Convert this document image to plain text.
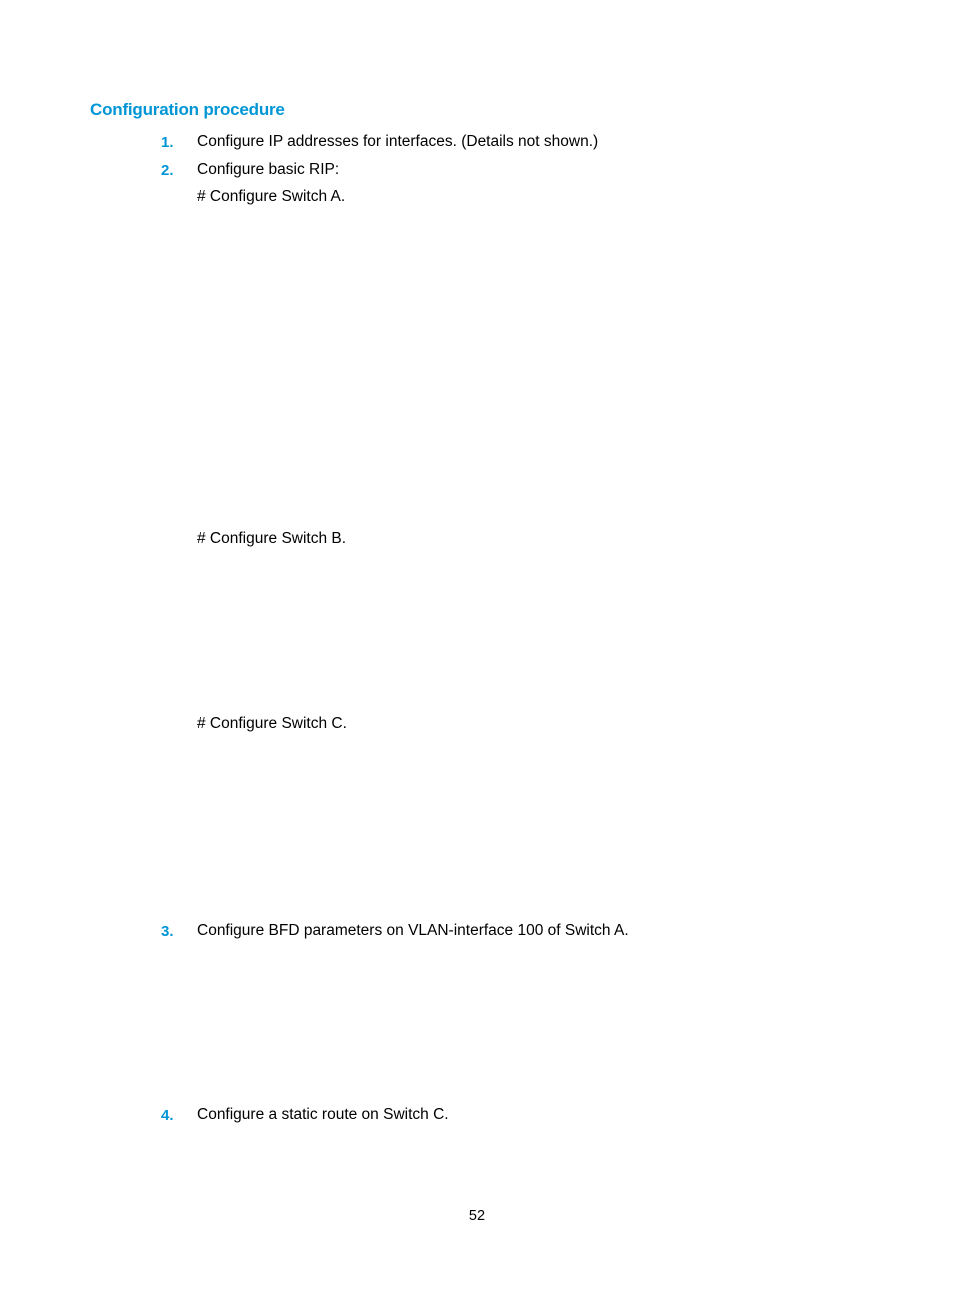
Configuration procedure
1. Configure IP addresses for interfaces. (Details not shown.)
2. Configure basic RIP:
# Configure Switch A.
# Configure Switch B.
# Configure Switch C.
3. Configure BFD parameters on VLAN-interface 100 of Switch A.
4. Configure a static route on Switch C.
52
